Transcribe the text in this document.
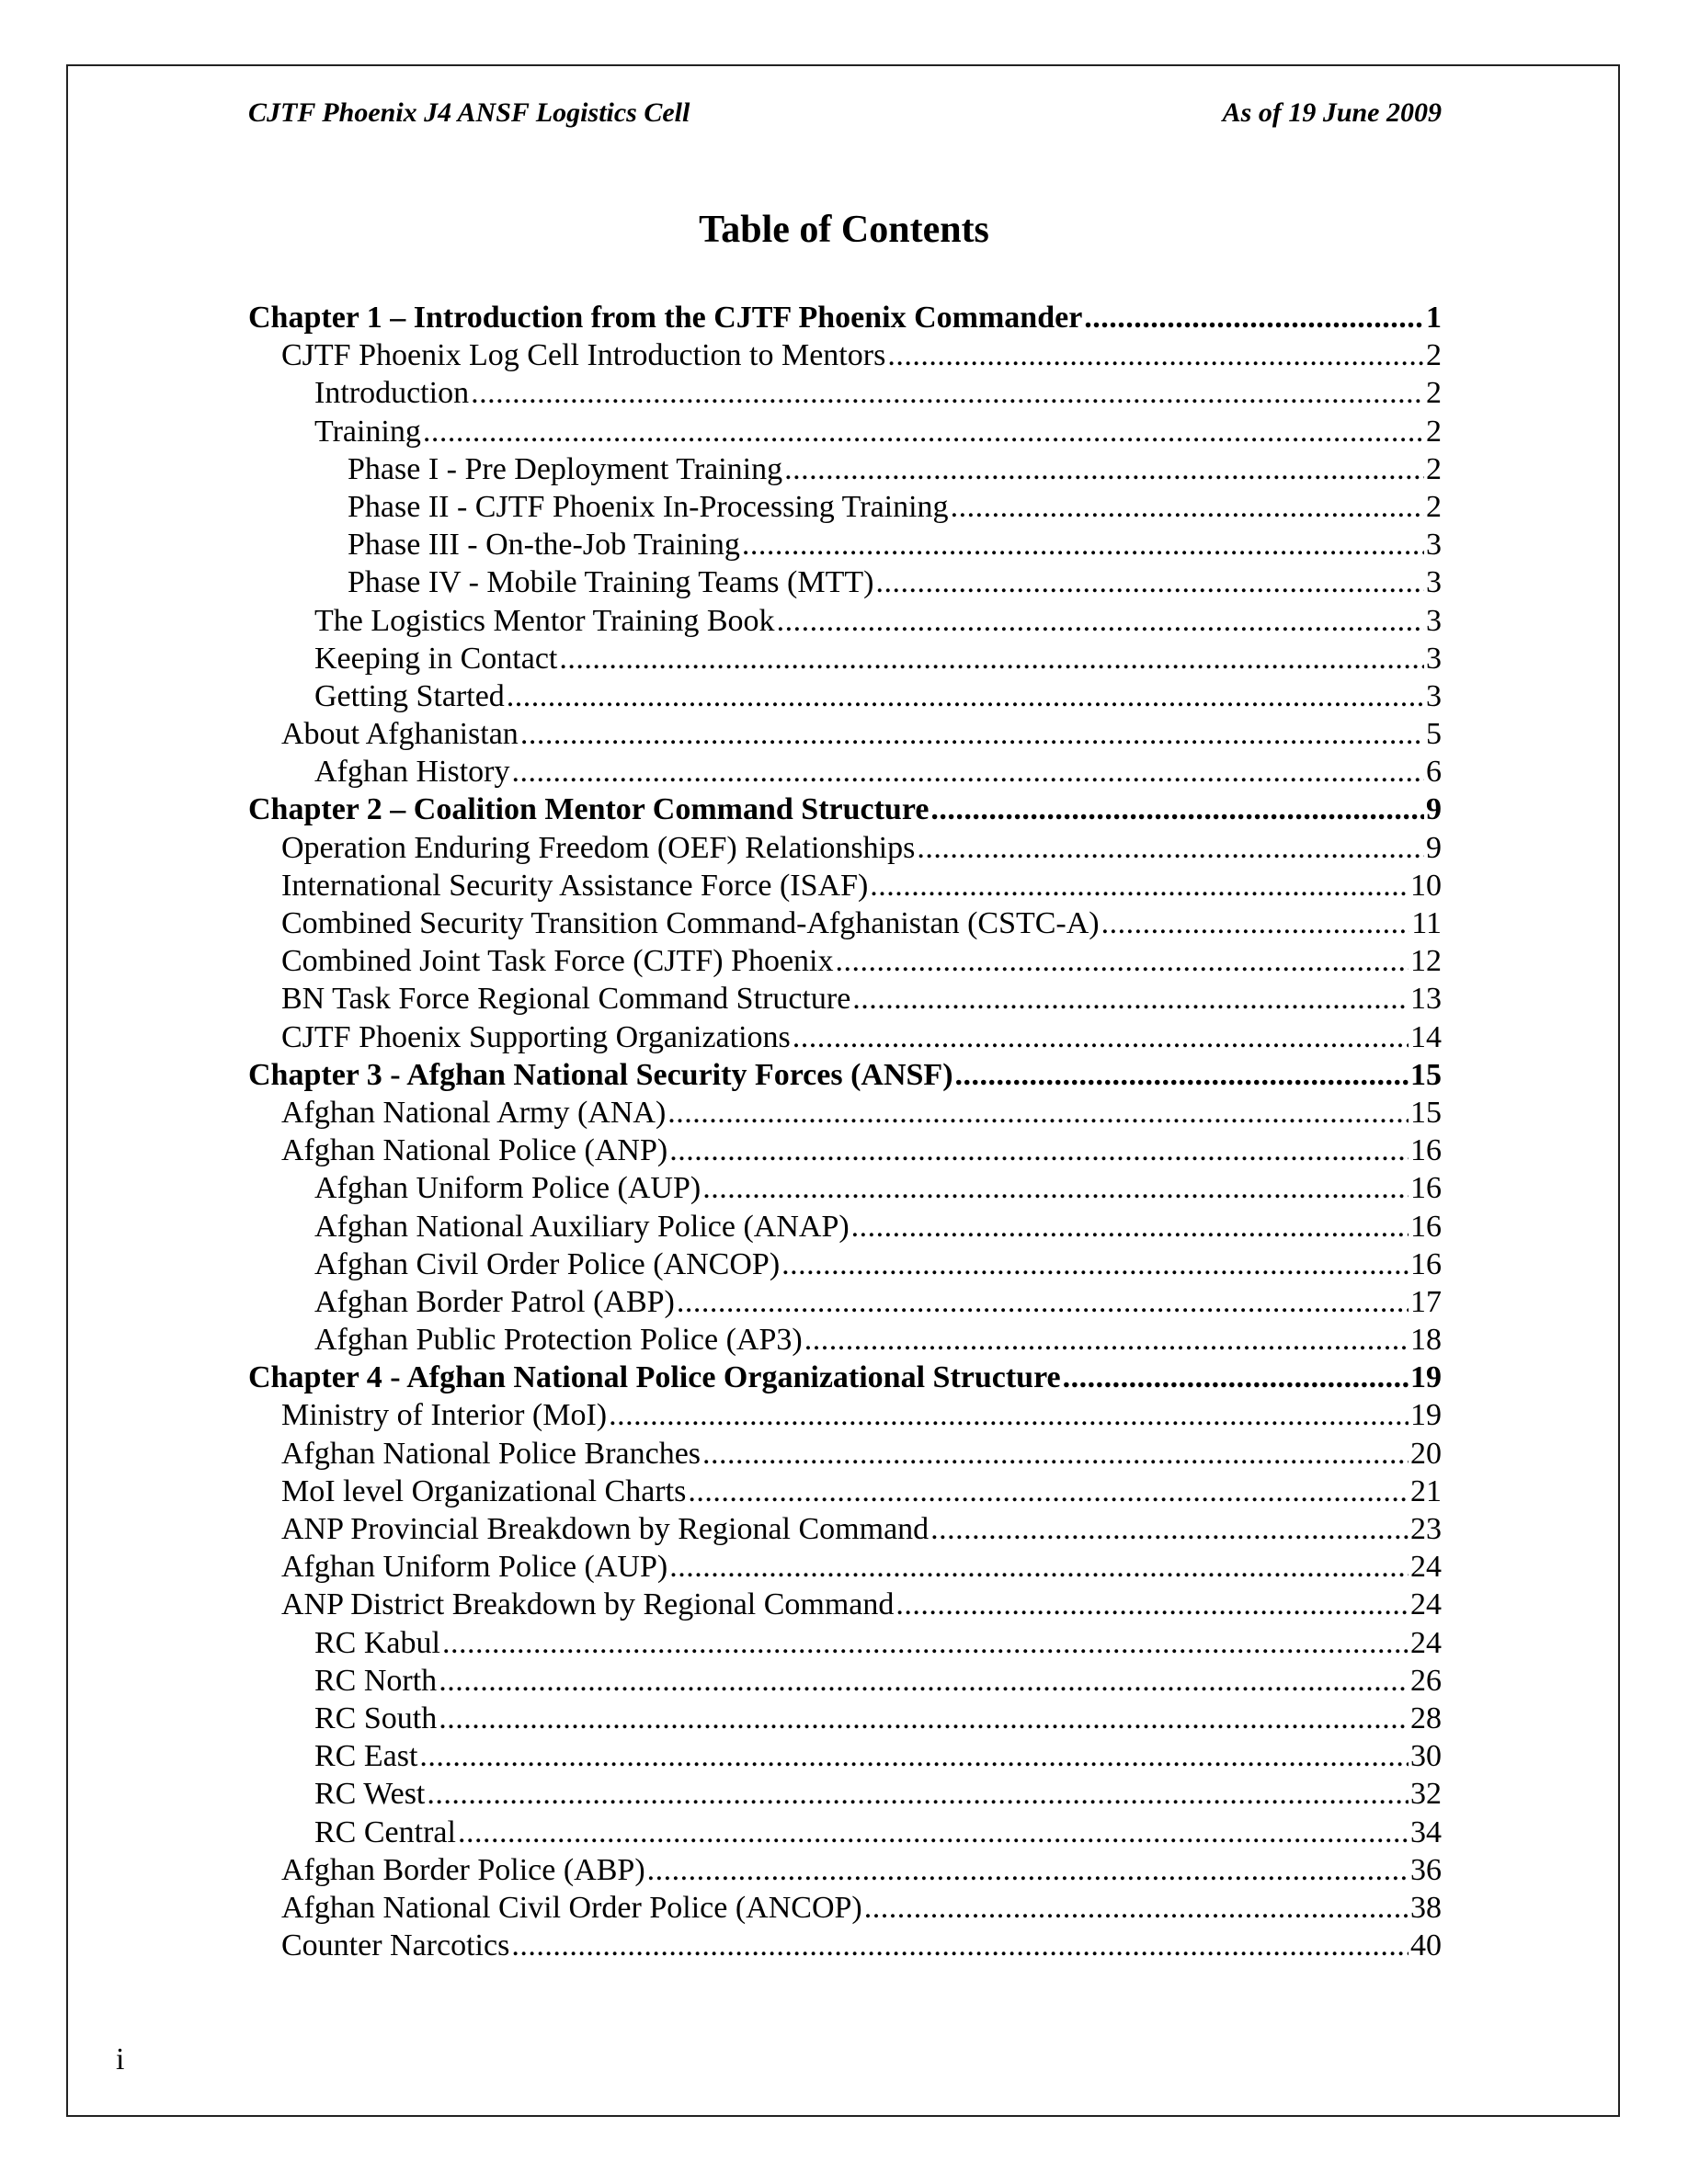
CJTF Phoenix J4 ANSF Logistics Cell	As of 19 June 2009
Table of Contents
Chapter 1 – Introduction from the CJTF Phoenix Commander .....	1
CJTF Phoenix Log Cell Introduction to Mentors .....	2
Introduction .....	2
Training .....	2
Phase I - Pre Deployment Training .....	2
Phase II - CJTF Phoenix In-Processing Training .....	2
Phase III - On-the-Job Training .....	3
Phase IV - Mobile Training Teams (MTT) .....	3
The Logistics Mentor Training Book .....	3
Keeping in Contact .....	3
Getting Started .....	3
About Afghanistan .....	5
Afghan History .....	6
Chapter 2 – Coalition Mentor Command Structure .....	9
Operation Enduring Freedom (OEF) Relationships .....	9
International Security Assistance Force (ISAF) .....	10
Combined Security Transition Command-Afghanistan (CSTC-A) .....	11
Combined Joint Task Force (CJTF) Phoenix .....	12
BN Task Force Regional Command Structure .....	13
CJTF Phoenix Supporting Organizations .....	14
Chapter 3 - Afghan National Security Forces (ANSF) .....	15
Afghan National Army (ANA) .....	15
Afghan National Police (ANP) .....	16
Afghan Uniform Police (AUP) .....	16
Afghan National Auxiliary Police (ANAP) .....	16
Afghan Civil Order Police (ANCOP) .....	16
Afghan Border Patrol (ABP) .....	17
Afghan Public Protection Police (AP3) .....	18
Chapter 4 - Afghan National Police Organizational Structure .....	19
Ministry of Interior (MoI) .....	19
Afghan National Police Branches .....	20
MoI level Organizational Charts .....	21
ANP Provincial Breakdown by Regional Command .....	23
Afghan Uniform Police (AUP) .....	24
ANP District Breakdown by Regional Command .....	24
RC Kabul .....	24
RC North .....	26
RC South .....	28
RC East .....	30
RC West .....	32
RC Central .....	34
Afghan Border Police (ABP) .....	36
Afghan National Civil Order Police (ANCOP) .....	38
Counter Narcotics .....	40
i
